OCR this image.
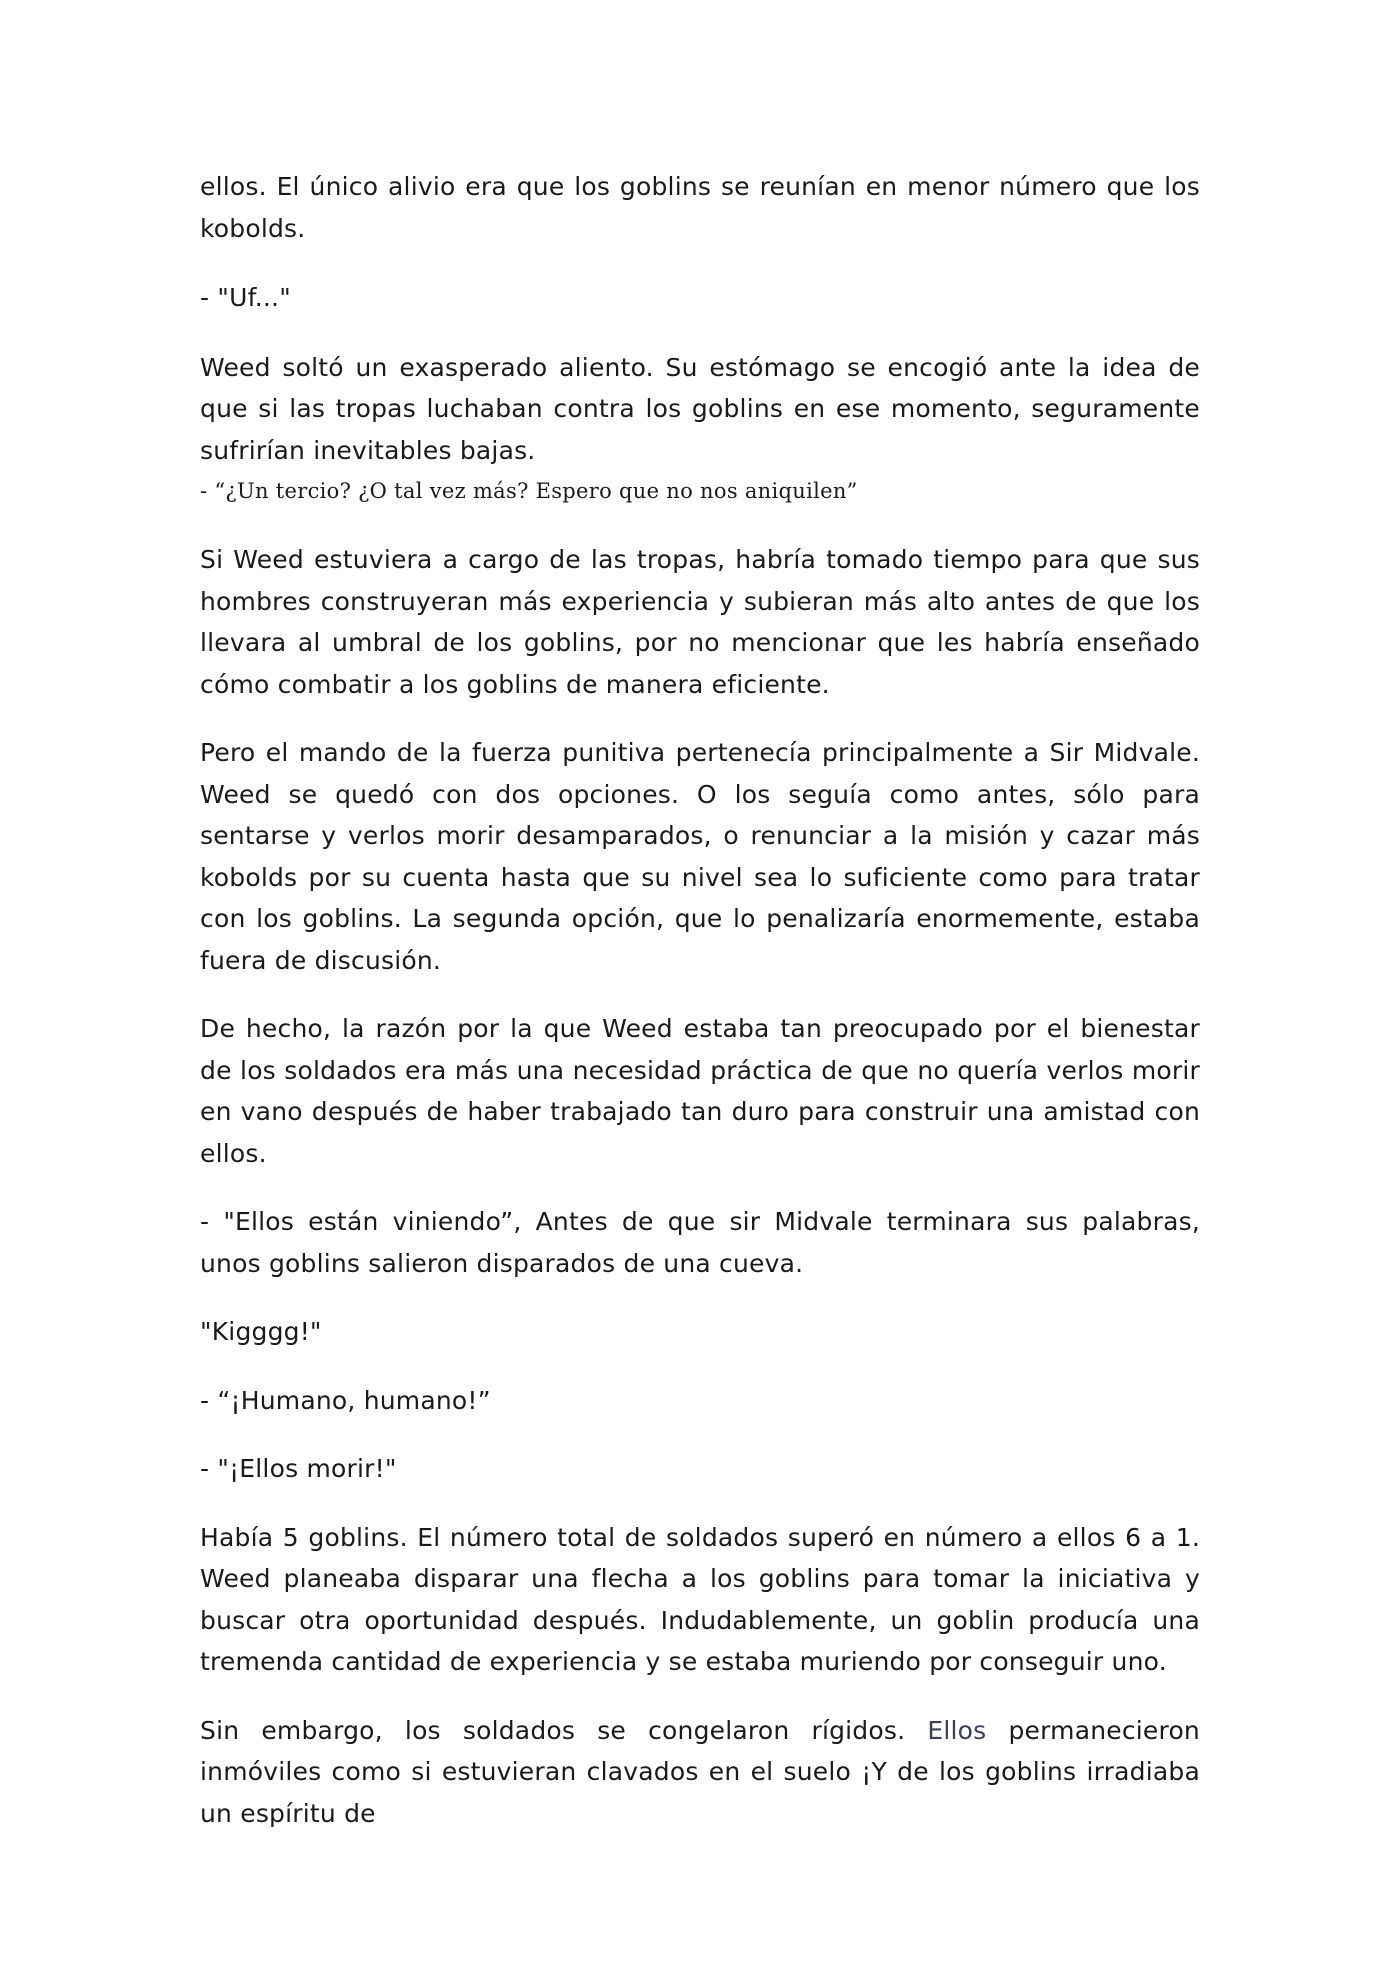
ellos. El único alivio era que los goblins se reunían en menor número que los kobolds.

- "Uf..."

Weed soltó un exasperado aliento. Su estómago se encogió ante la idea de que si las tropas luchaban contra los goblins en ese momento, seguramente sufrirían inevitables bajas.

- “¿Un tercio? ¿O tal vez más? Espero que no nos aniquilen”

Si Weed estuviera a cargo de las tropas, habría tomado tiempo para que sus hombres construyeran más experiencia y subieran más alto antes de que los llevara al umbral de los goblins, por no mencionar que les habría enseñado cómo combatir a los goblins de manera eficiente.

Pero el mando de la fuerza punitiva pertenecía principalmente a Sir Midvale. Weed se quedó con dos opciones. O los seguía como antes, sólo para sentarse y verlos morir desamparados, o renunciar a la misión y cazar más kobolds por su cuenta hasta que su nivel sea lo suficiente como para tratar con los goblins. La segunda opción, que lo penalizaría enormemente, estaba fuera de discusión.

De hecho, la razón por la que Weed estaba tan preocupado por el bienestar de los soldados era más una necesidad práctica de que no quería verlos morir en vano después de haber trabajado tan duro para construir una amistad con ellos.

- "Ellos están viniendo”, Antes de que sir Midvale terminara sus palabras, unos goblins salieron disparados de una cueva.

"Kigggg!"

- “¡Humano, humano!”

- "¡Ellos morir!"

Había 5 goblins. El número total de soldados superó en número a ellos 6 a 1. Weed planeaba disparar una flecha a los goblins para tomar la iniciativa y buscar otra oportunidad después. Indudablemente, un goblin producía una tremenda cantidad de experiencia y se estaba muriendo por conseguir uno.

Sin embargo, los soldados se congelaron rígidos. Ellos permanecieron inmóviles como si estuvieran clavados en el suelo ¡Y de los goblins irradiaba un espíritu de
